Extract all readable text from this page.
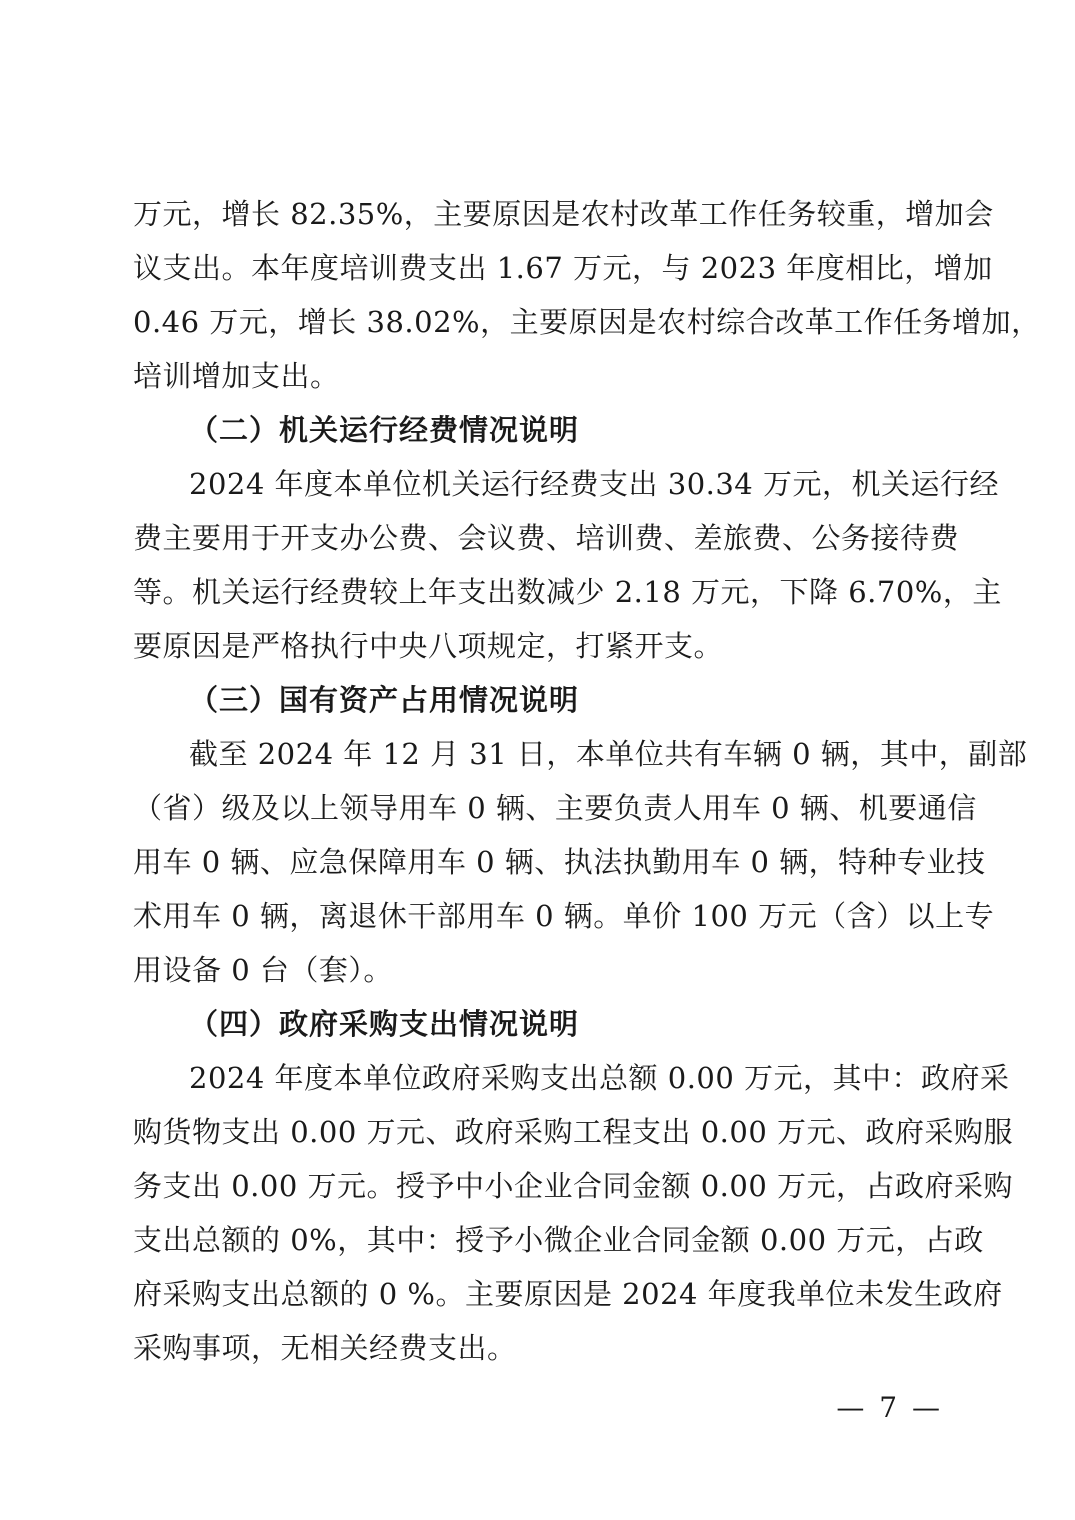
万元，增长 82.35%，主要原因是农村改革工作任务较重，增加会
议支出。本年度培训费支出 1.67 万元，与 2023 年度相比，增加
0.46 万元，增长 38.02%，主要原因是农村综合改革工作任务增加，
培训增加支出。
（二）机关运行经费情况说明
2024 年度本单位机关运行经费支出 30.34 万元，机关运行经
费主要用于开支办公费、会议费、培训费、差旅费、公务接待费
等。机关运行经费较上年支出数减少 2.18 万元，下降 6.70%，主
要原因是严格执行中央八项规定，打紧开支。
（三）国有资产占用情况说明
截至 2024 年 12 月 31 日，本单位共有车辆 0 辆，其中，副部
（省）级及以上领导用车 0 辆、主要负责人用车 0 辆、机要通信
用车 0 辆、应急保障用车 0 辆、执法执勤用车 0 辆，特种专业技
术用车 0 辆，离退休干部用车 0 辆。单价 100 万元（含）以上专
用设备 0 台（套）。
（四）政府采购支出情况说明
2024 年度本单位政府采购支出总额 0.00 万元，其中：政府采
购货物支出 0.00 万元、政府采购工程支出 0.00 万元、政府采购服
务支出 0.00 万元。授予中小企业合同金额 0.00 万元，占政府采购
支出总额的 0%，其中：授予小微企业合同金额 0.00 万元，占政
府采购支出总额的 0 %。主要原因是 2024 年度我单位未发生政府
采购事项，无相关经费支出。
— 7 —
